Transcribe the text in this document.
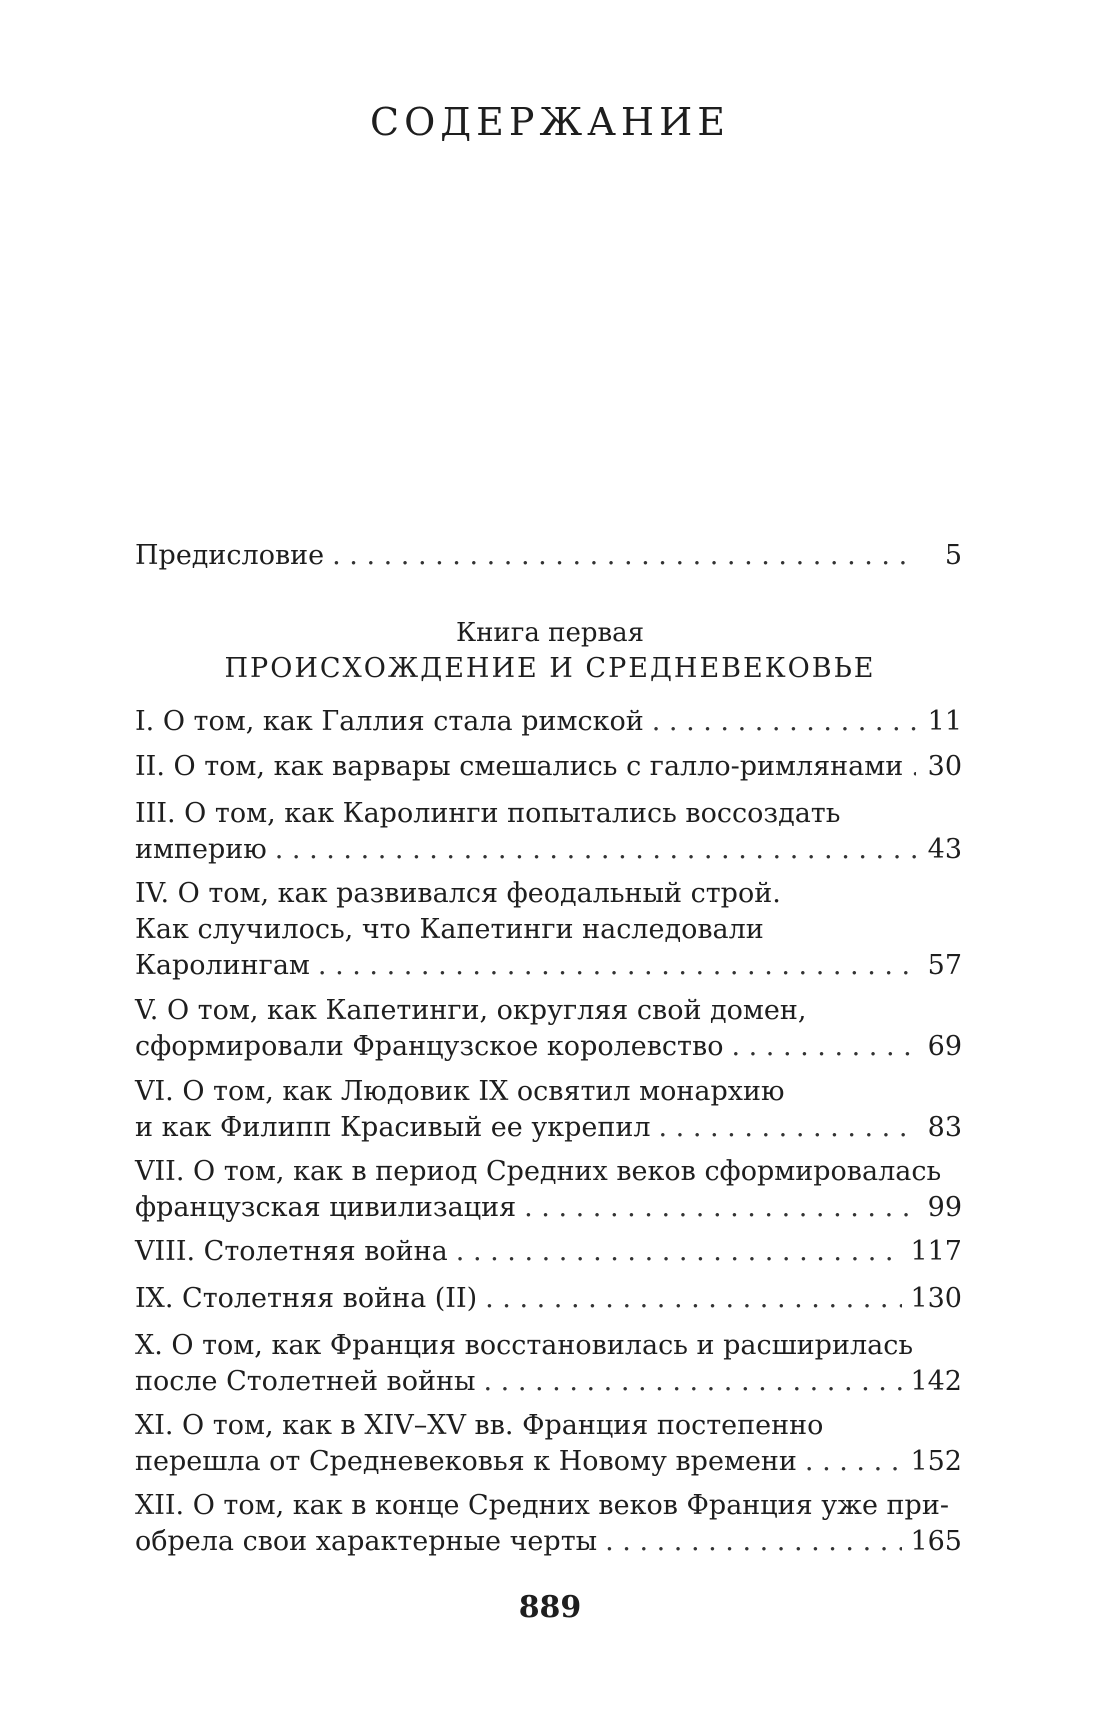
СОДЕРЖАНИЕ
Предисловие . . .	5
Книга первая
ПРОИСХОЖДЕНИЕ И СРЕДНЕВЕКОВЬЕ
I. О том, как Галлия стала римской . . .	11
II. О том, как варвары смешались с галло-римлянами . . . 30
III. О том, как Каролинги попытались воссоздать
империю . . .	43
IV. О том, как развивался феодальный строй.
Как случилось, что Капетинги наследовали
Каролингам . . .	57
V. О том, как Капетинги, округляя свой домен,
сформировали Французское королевство . . .	69
VI. О том, как Людовик IX освятил монархию
и как Филипп Красивый ее укрепил . . .	83
VII. О том, как в период Средних веков сформировалась
французская цивилизация . . .	99
VIII. Столетняя война . . .	117
IX. Столетняя война (II) . . .	130
X. О том, как Франция восстановилась и расширилась
после Столетней войны . . .	142
XI. О том, как в XIV–XV вв. Франция постепенно
перешла от Средневековья к Новому времени . . .	152
XII. О том, как в конце Средних веков Франция уже при-
обрела свои характерные черты . . .	165
889
